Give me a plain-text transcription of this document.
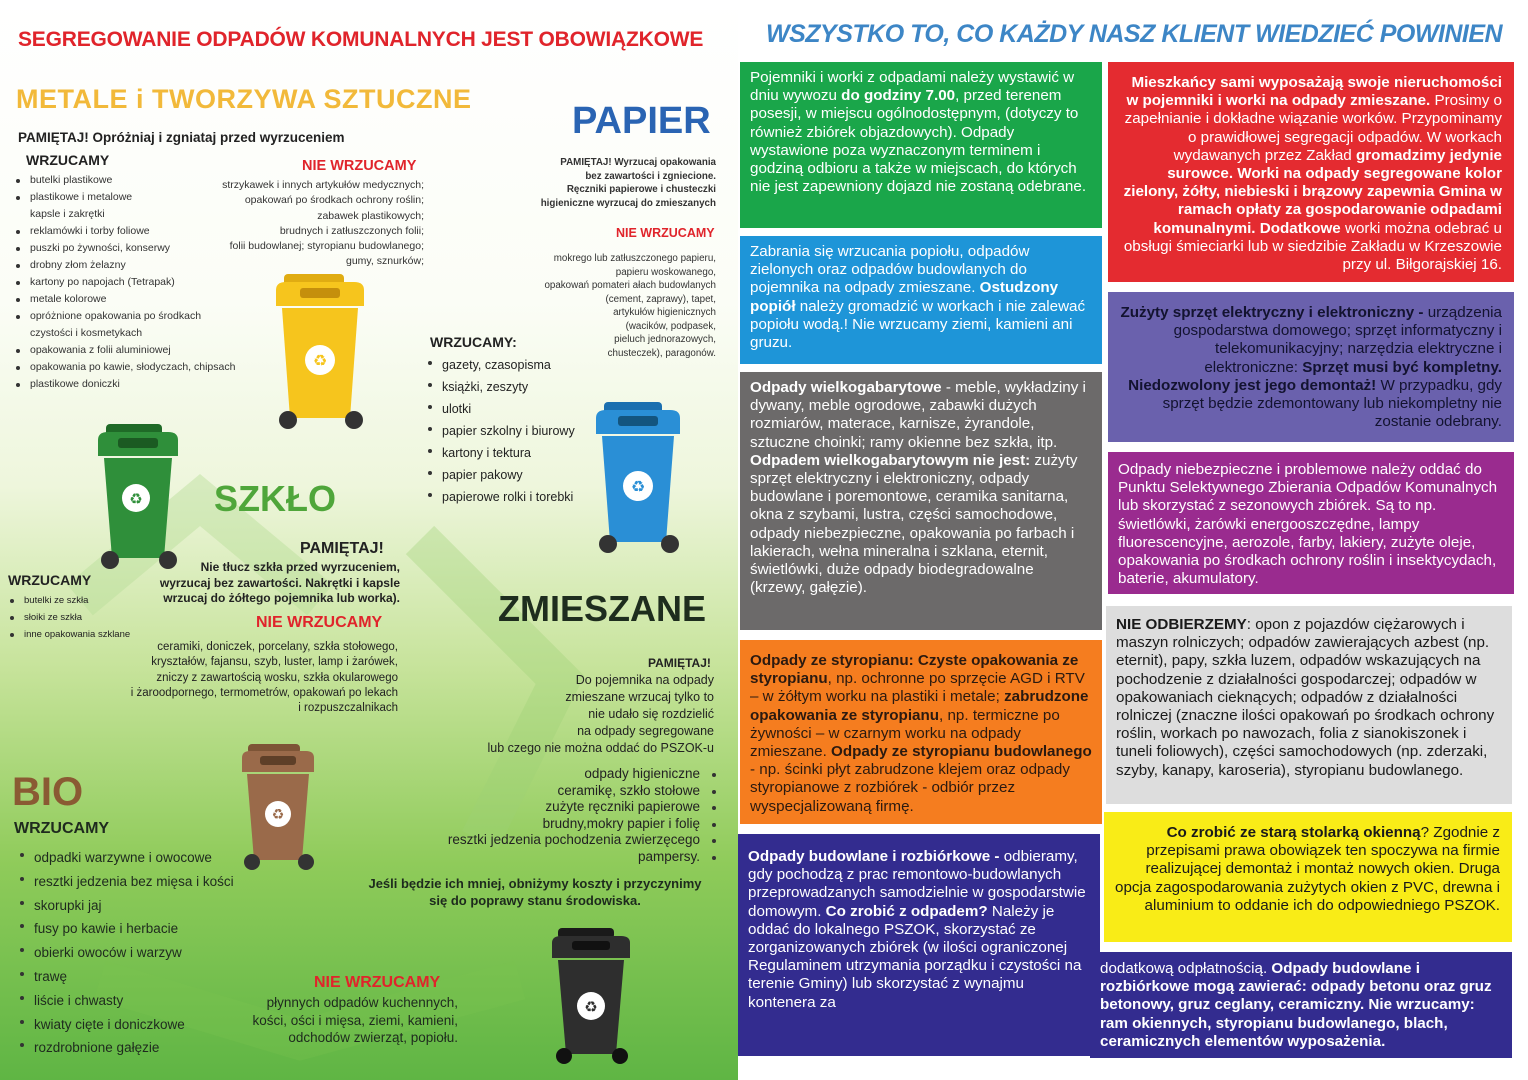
SEGREGOWANIE ODPADÓW KOMUNALNYCH JEST OBOWIĄZKOWE
METALE i TWORZYWA SZTUCZNE
PAMIĘTAJ! Opróżniaj i zgniataj przed wyrzuceniem
WRZUCAMY
butelki plastikowe
plastikowe i metalowe
kapsle i zakrętki
reklamówki i torby foliowe
puszki po żywności, konserwy
drobny złom żelazny
kartony po napojach (Tetrapak)
metale kolorowe
opróżnione opakowania po środkach
czystości i kosmetykach
opakowania z folii aluminiowej
opakowania po kawie, słodyczach, chipsach
plastikowe doniczki
NIE WRZUCAMY
strzykawek i innych artykułów medycznych;
opakowań po środkach ochrony roślin;
zabawek plastikowych;
brudnych i zatłuszczonych folii;
folii budowlanej; styropianu budowlanego;
gumy, sznurków;
♻
PAPIER
PAMIĘTAJ! Wyrzucaj opakowania
bez zawartości i zgniecione.
Ręczniki papierowe i chusteczki
higieniczne wyrzucaj do zmieszanych
NIE WRZUCAMY
mokrego lub zatłuszczonego papieru,
papieru woskowanego,
opakowań pomateri ałach budowlanych
(cement, zaprawy), tapet,
artykułów higienicznych
(wacików, podpasek,
pieluch jednorazowych,
chusteczek), paragonów.
WRZUCAMY:
gazety, czasopisma
książki, zeszyty
ulotki
papier szkolny i biurowy
kartony i tektura
papier pakowy
papierowe rolki i torebki
♻
♻ SZKŁO
PAMIĘTAJ!
Nie tłucz szkła przed wyrzuceniem,
wyrzucaj bez zawartości. Nakrętki i kapsle
wrzucaj do żółtego pojemnika lub worka).
WRZUCAMY
butelki ze szkła
słoiki ze szkła
inne opakowania szklane
NIE WRZUCAMY
ceramiki, doniczek, porcelany, szkła stołowego,
kryształów, fajansu, szyb, luster, lamp i żarówek,
zniczy z zawartością wosku, szkła okularowego
i żaroodpornego, termometrów, opakowań po lekach
i rozpuszczalnikach
ZMIESZANE
PAMIĘTAJ!
Do pojemnika na odpady
zmieszane wrzucaj tylko to
nie udało się rozdzielić
na odpady segregowane
lub czego nie można oddać do PSZOK-u
odpady higieniczne
ceramikę, szkło stołowe
zużyte ręczniki papierowe
brudny,mokry papier i folię
resztki jedzenia pochodzenia zwierzęcego
pampersy.
Jeśli będzie ich mniej, obniżymy koszty i przyczynimy
się do poprawy stanu środowiska.
♻
♻
BIO
WRZUCAMY
odpadki warzywne i owocowe
resztki jedzenia bez mięsa i kości
skorupki jaj
fusy po kawie i herbacie
obierki owoców i warzyw
trawę
liście i chwasty
kwiaty cięte i doniczkowe
rozdrobnione gałęzie
NIE WRZUCAMY
płynnych odpadów kuchennych,
kości, ości i mięsa, ziemi, kamieni,
odchodów zwierząt, popiołu.
WSZYSTKO TO, CO KAŻDY NASZ KLIENT WIEDZIEĆ POWINIEN
Pojemniki i worki z odpadami należy wystawić w dniu wywozu do godziny 7.00, przed terenem posesji, w miejscu ogólnodostępnym, (dotyczy to również zbiórek objazdowych). Odpady wystawione poza wyznaczonym terminem i godziną odbioru a także w miejscach, do których nie jest zapewniony dojazd nie zostaną odebrane.
Zabrania się wrzucania popiołu, odpadów zielonych oraz odpadów budowlanych do pojemnika na odpady zmieszane. Ostudzony popiół należy gromadzić w workach i nie zalewać popiołu wodą.! Nie wrzucamy ziemi, kamieni ani gruzu.
Odpady wielkogabarytowe - meble, wykładziny i dywany, meble ogrodowe, zabawki dużych rozmiarów, materace, karnisze, żyrandole, sztuczne choinki; ramy okienne bez szkła, itp. Odpadem wielkogabarytowym nie jest: zużyty sprzęt elektryczny i elektroniczny, odpady budowlane i poremontowe, ceramika sanitarna, okna z szybami, lustra, części samochodowe, odpady niebezpieczne, opakowania po farbach i lakierach, wełna mineralna i szklana, eternit, świetlówki, duże odpady biodegradowalne (krzewy, gałęzie).
Odpady ze styropianu: Czyste opakowania ze styropianu, np. ochronne po sprzęcie AGD i RTV – w żółtym worku na plastiki i metale; zabrudzone opakowania ze styropianu, np. termiczne po żywności – w czarnym worku na odpady zmieszane. Odpady ze styropianu budowlanego - np. ścinki płyt zabrudzone klejem oraz odpady styropianowe z rozbiórek - odbiór przez wyspecjalizowaną firmę.
Odpady budowlane i rozbiórkowe - odbieramy, gdy pochodzą z prac remontowo-budowlanych przeprowadzanych samodzielnie w gospodarstwie domowym. Co zrobić z odpadem? Należy je oddać do lokalnego PSZOK, skorzystać ze zorganizowanych zbiórek (w ilości ograniczonej Regulaminem utrzymania porządku i czystości na terenie Gminy) lub skorzystać z wynajmu kontenera za
Mieszkańcy sami wyposażają swoje nieruchomości w pojemniki i worki na odpady zmieszane. Prosimy o zapełnianie i dokładne wiązanie worków. Przypominamy o prawidłowej segregacji odpadów. W workach wydawanych przez Zakład gromadzimy jedynie surowce. Worki na odpady segregowane kolor zielony, żółty, niebieski i brązowy zapewnia Gmina w ramach opłaty za gospodarowanie odpadami komunalnymi. Dodatkowe worki można odebrać u obsługi śmieciarki lub w siedzibie Zakładu w Krzeszowie przy ul. Biłgorajskiej 16.
Zużyty sprzęt elektryczny i elektroniczny - urządzenia gospodarstwa domowego; sprzęt informatyczny i telekomunikacyjny; narzędzia elektryczne i elektroniczne: Sprzęt musi być kompletny. Niedozwolony jest jego demontaż! W przypadku, gdy sprzęt będzie zdemontowany lub niekompletny nie zostanie odebrany.
Odpady niebezpieczne i problemowe należy oddać do Punktu Selektywnego Zbierania Odpadów Komunalnych lub skorzystać z sezonowych zbiórek. Są to np. świetlówki, żarówki energooszczędne, lampy fluorescencyjne, aerozole, farby, lakiery, zużyte oleje, opakowania po środkach ochrony roślin i insektycydach, baterie, akumulatory.
NIE ODBIERZEMY: opon z pojazdów ciężarowych i maszyn rolniczych; odpadów zawierających azbest (np. eternit), papy, szkła luzem, odpadów wskazujących na pochodzenie z działalności gospodarczej; odpadów w opakowaniach cieknących; odpadów z działalności rolniczej (znaczne ilości opakowań po środkach ochrony roślin, workach po nawozach, folia z sianokiszonek i tuneli foliowych), części samochodowych (np. zderzaki, szyby, kanapy, karoseria), styropianu budowlanego.
Co zrobić ze starą stolarką okienną? Zgodnie z przepisami prawa obowiązek ten spoczywa na firmie realizującej demontaż i montaż nowych okien. Druga opcja zagospodarowania zużytych okien z PVC, drewna i aluminium to oddanie ich do odpowiedniego PSZOK.
dodatkową odpłatnością. Odpady budowlane i rozbiórkowe mogą zawierać: odpady betonu oraz gruz betonowy, gruz ceglany, ceramiczny. Nie wrzucamy: ram okiennych, styropianu budowlanego, blach, ceramicznych elementów wyposażenia.
